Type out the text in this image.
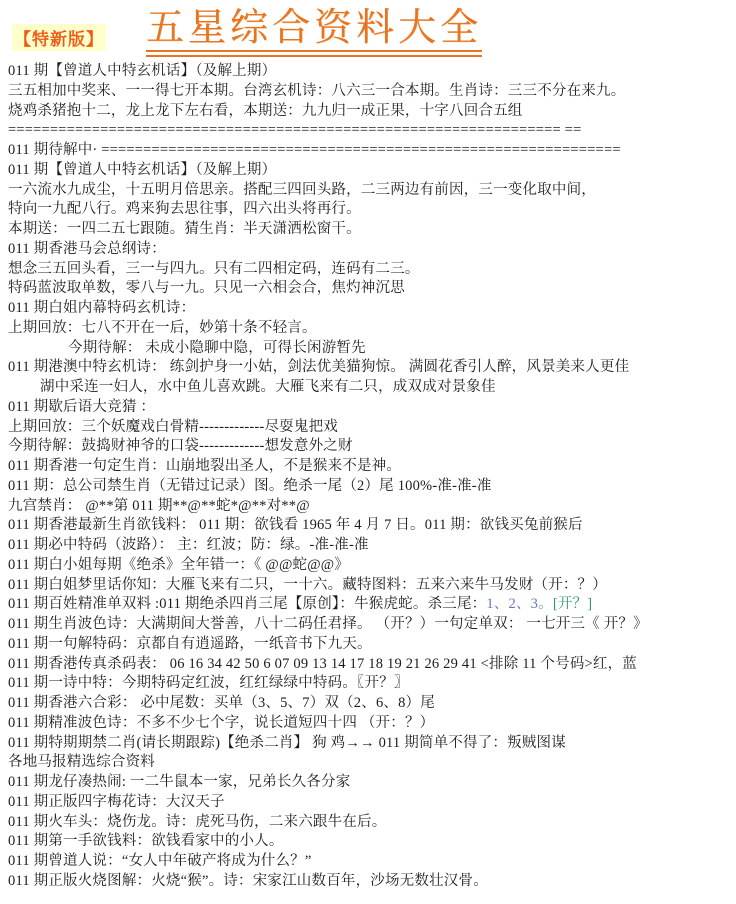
【特新版】 五星综合资料大全
011 期【曾道人中特玄机话】（及解上期）
三五相加中奖来、一一得七开本期。台湾玄机诗：八六三一合本期。生肖诗：三三不分在来九。
烧鸡杀猪抱十二，龙上龙下左右看，本期送：九九归一成正果，十字八回合五组
================================================================== ==
011 期待解中· ==============================================================
011 期【曾道人中特玄机话】（及解上期）
一六流水九成尘，十五明月倍思亲。搭配三四回头路，二三两边有前因，三一变化取中间，
特向一九配八行。鸡来狗去思往事，四六出头将再行。
本期送：一四二五七跟随。猜生肖：半天潇洒松窗干。
011 期香港马会总纲诗：
想念三五回头看，三一与四九。只有二四相定码，连码有二三。
特码蓝波取单数，零八与一九。只见一六相会合，焦灼神沉思
011 期白姐内幕特码玄机诗：
上期回放：七八不开在一后，妙第十条不轻言。
今期待解： 未成小隐聊中隐，可得长闲游暂先
011 期港澳中特玄机诗： 练剑护身一小姑，剑法优美猫狗惊。 满圆花香引人醉，风景美来人更佳
湖中采连一妇人，水中鱼儿喜欢跳。大雁飞来有二只，成双成对景象佳
011 期歇后语大竞猜 ：
上期回放：三个妖魔戏白骨精-------------尽耍鬼把戏
今期待解：鼓捣财神爷的口袋-------------想发意外之财
011 期香港一句定生肖：山崩地裂出圣人，不是猴来不是神。
011 期：总公司禁生肖（无错过记录）图。绝杀一尾（2）尾 100%-准-准-准
九宫禁肖： @**第 011 期**@**蛇*@**对**@
011 期香港最新生肖欲钱料： 011 期：欲钱看 1965 年 4 月 7 日。011 期：欲钱买兔前猴后
011 期必中特码（波路）： 主：红波；防：绿。-准-准-准
011 期白小姐每期《绝杀》全年错一：《 @@蛇@@》
011 期白姐梦里话你知：大雁飞来有二只，一十六。藏特图料：五来六来牛马发财（开：？）
011 期百姓精准单双料 :011 期绝杀四肖三尾【原创】：牛猴虎蛇。杀三尾：1、2、3。[开？]
011 期生肖波色诗：大满期间大誉善，八十二码任君择。 （开？）一句定单双： 一七开三《 开？》
011 期一句解特码：京都自有逍遥路，一纸音书下九天。
011 期香港传真杀码表： 06 16 34 42 50 6 07 09 13 14 17 18 19 21 26 29 41 <排除 11 个号码>红，蓝
011 期一诗中特：今期特码定红波，红红绿绿中特码。〖开？〗
011 期香港六合彩： 必中尾数：买单（3、5、7）双（2、6、8）尾
011 期精准波色诗：不多不少七个字，说长道短四十四 （开：？）
011 期特期期禁二肖(请长期跟踪)【绝杀二肖】 狗 鸡→→ 011 期简单不得了：叛贼图谋
各地马报精选综合资料
011 期龙仔凑热闹: 一二牛鼠本一家，兄弟长久各分家
011 期正版四字梅花诗：大汉天子
011 期火车头：烧伤龙。诗：虎死马伤，二来六跟牛在后。
011 期第一手欲钱料：欲钱看家中的小人。
011 期曾道人说：“女人中年破产将成为什么？”
011 期正版火烧图解：火烧“猴”。诗：宋家江山数百年，沙场无数壮汉骨。
